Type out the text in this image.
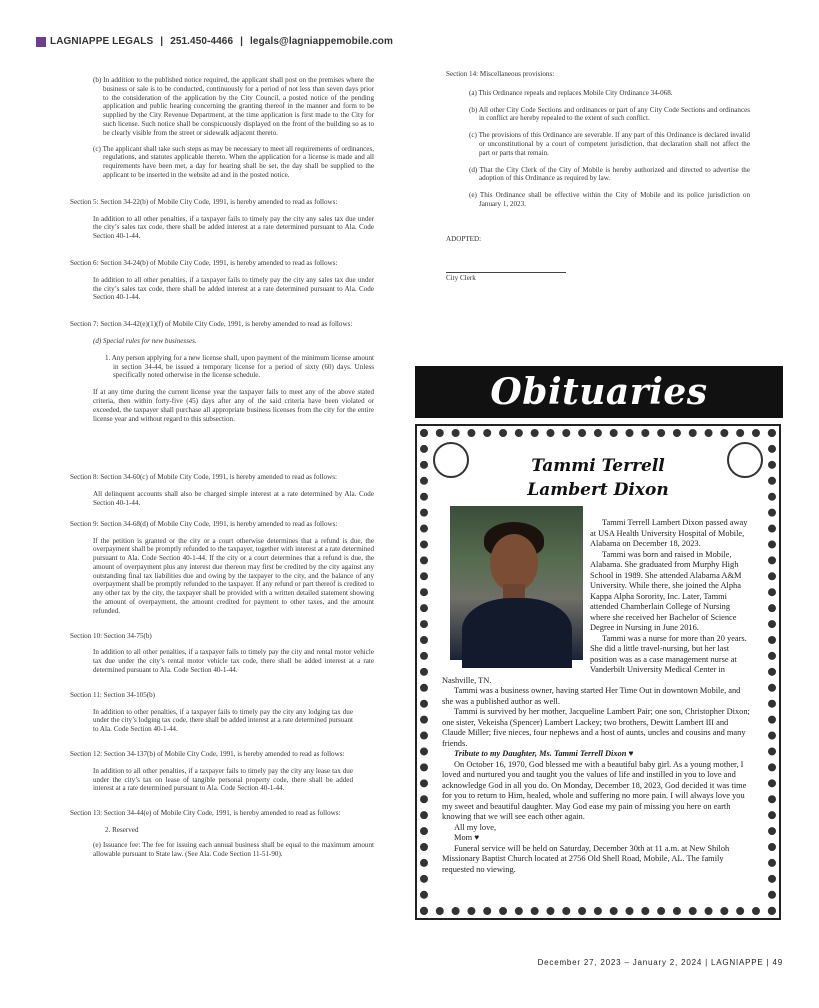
LAGNIAPPE LEGALS | 251.450-4466 | legals@lagniappemobile.com

(b) In addition to the published notice required, the applicant shall post on the premises where the business or sale is to be conducted, continuously for a period of not less than seven days prior to the consideration of the application by the City Council, a posted notice of the pending application and public hearing concerning the granting thereof in the manner and form to be supplied by the City Revenue Department, at the time application is first made to the City for such license. Such notice shall be conspicuously displayed on the front of the building so as to be clearly visible from the street or sidewalk adjacent thereto.

(c) The applicant shall take such steps as may be necessary to meet all requirements of ordinances, regulations, and statutes applicable thereto. When the application for a license is made and all requirements have been met, a day for hearing shall be set, the day shall be supplied to the applicant to be inserted in the website ad and in the posted notice.

Section 5: Section 34-22(b) of Mobile City Code, 1991, is hereby amended to read as follows:

In addition to all other penalties, if a taxpayer fails to timely pay the city any sales tax due under the city’s sales tax code, there shall be added interest at a rate determined pursuant to Ala. Code Section 40-1-44.

Section 6: Section 34-24(b) of Mobile City Code, 1991, is hereby amended to read as follows:

In addition to all other penalties, if a taxpayer fails to timely pay the city any sales tax due under the city’s sales tax code, there shall be added interest at a rate determined pursuant to Ala. Code Section 40-1-44.

Section 7: Section 34-42(e)(1)(f) of Mobile City Code, 1991, is hereby amended to read as follows:

(d) Special rules for new businesses.

1. Any person applying for a new license shall, upon payment of the minimum license amount in section 34-44, be issued a temporary license for a period of sixty (60) days. Unless specifically noted otherwise in the license schedule.

If at any time during the current license year the taxpayer fails to meet any of the above stated criteria, then within forty-five (45) days after any of the said criteria have been violated or exceeded, the taxpayer shall purchase all appropriate business licenses from the city for the entire license year and without regard to this subsection.

Section 8: Section 34-60(c) of Mobile City Code, 1991, is hereby amended to read as follows:

All delinquent accounts shall also be charged simple interest at a rate determined by Ala. Code Section 40-1-44.

Section 9: Section 34-68(d) of Mobile City Code, 1991, is hereby amended to read as follows:

If the petition is granted or the city or a court otherwise determines that a refund is due, the overpayment shall be promptly refunded to the taxpayer, together with interest at a rate determined pursuant to Ala. Code Section 40-1-44. If the city or a court determines that a refund is due, the amount of overpayment plus any interest due thereon may first be credited by the city against any outstanding final tax liabilities due and owing by the taxpayer to the city, and the balance of any overpayment shall be promptly refunded to the taxpayer. If any refund or part thereof is credited to any other tax by the city, the taxpayer shall be provided with a written detailed statement showing the amount of overpayment, the amount credited for payment to other taxes, and the amount refunded.

Section 10: Section 34-75(b)

In addition to all other penalties, if a taxpayer fails to timely pay the city and rental motor vehicle tax due under the city’s rental motor vehicle tax code, there shall be added interest at a rate determined pursuant to Ala. Code Section 40-1-44.

Section 11: Section 34-105(b)

In addition to other penalties, if a taxpayer fails to timely pay the city any lodging tax due under the city’s lodging tax code, there shall be added interest at a rate determined pursuant to Ala. Code Section 40-1-44.

Section 12: Section 34-137(b) of Mobile City Code, 1991, is hereby amended to read as follows:

In addition to all other penalties, if a taxpayer fails to timely pay the city any lease tax due under the city’s tax on lease of tangible personal property code, there shall be added interest at a rate determined pursuant to Ala. Code Section 40-1-44.

Section 13: Section 34-44(e) of Mobile City Code, 1991, is hereby amended to read as follows:

2. Reserved

(e) Issuance fee: The fee for issuing each annual business shall be equal to the maximum amount allowable pursuant to State law. (See Ala. Code Section 11-51-90).

Section 14: Miscellaneous provisions:

(a) This Ordinance repeals and replaces Mobile City Ordinance 34-068.

(b) All other City Code Sections and ordinances or part of any City Code Sections and ordinances in conflict are hereby repealed to the extent of such conflict.

(c) The provisions of this Ordinance are severable. If any part of this Ordinance is declared invalid or unconstitutional by a court of competent jurisdiction, that declaration shall not affect the part or parts that remain.

(d) That the City Clerk of the City of Mobile is hereby authorized and directed to advertise the adoption of this Ordinance as required by law.

(e) This Ordinance shall be effective within the City of Mobile and its police jurisdiction on January 1, 2023.

ADOPTED:

City Clerk

Obituaries
Tammi Terrell Lambert Dixon

Tammi Terrell Lambert Dixon passed away at USA Health University Hospital of Mobile, Alabama on December 18, 2023.

Tammi was born and raised in Mobile, Alabama. She graduated from Murphy High School in 1989. She attended Alabama A&M University. While there, she joined the Alpha Kappa Alpha Sorority, Inc. Later, Tammi attended Chamberlain College of Nursing where she received her Bachelor of Science Degree in Nursing in June 2016.

Tammi was a nurse for more than 20 years. She did a little travel-nursing, but her last position was as a case management nurse at Vanderbilt University Medical Center in Nashville, TN.

Tammi was a business owner, having started Her Time Out in downtown Mobile, and she was a published author as well.

Tammi is survived by her mother, Jacqueline Lambert Pair; one son, Christopher Dixon; one sister, Vekeisha (Spencer) Lambert Lackey; two brothers, Dewitt Lambert III and Claude Miller; five nieces, four nephews and a host of aunts, uncles and cousins and many friends.

Tribute to my Daughter, Ms. Tammi Terrell Dixon ♥

On October 16, 1970, God blessed me with a beautiful baby girl. As a young mother, I loved and nurtured you and taught you the values of life and instilled in you to love and acknowledge God in all you do. On Monday, December 18, 2023, God decided it was time for you to return to Him, healed, whole and suffering no more pain. I will always love you my sweet and beautiful daughter. May God ease my pain of missing you here on earth knowing that we will see each other again.

All my love,

Mom ♥

Funeral service will be held on Saturday, December 30th at 11 a.m. at New Shiloh Missionary Baptist Church located at 2756 Old Shell Road, Mobile, AL. The family requested no viewing.

December 27, 2023 – January 2, 2024 | LAGNIAPPE | 49
